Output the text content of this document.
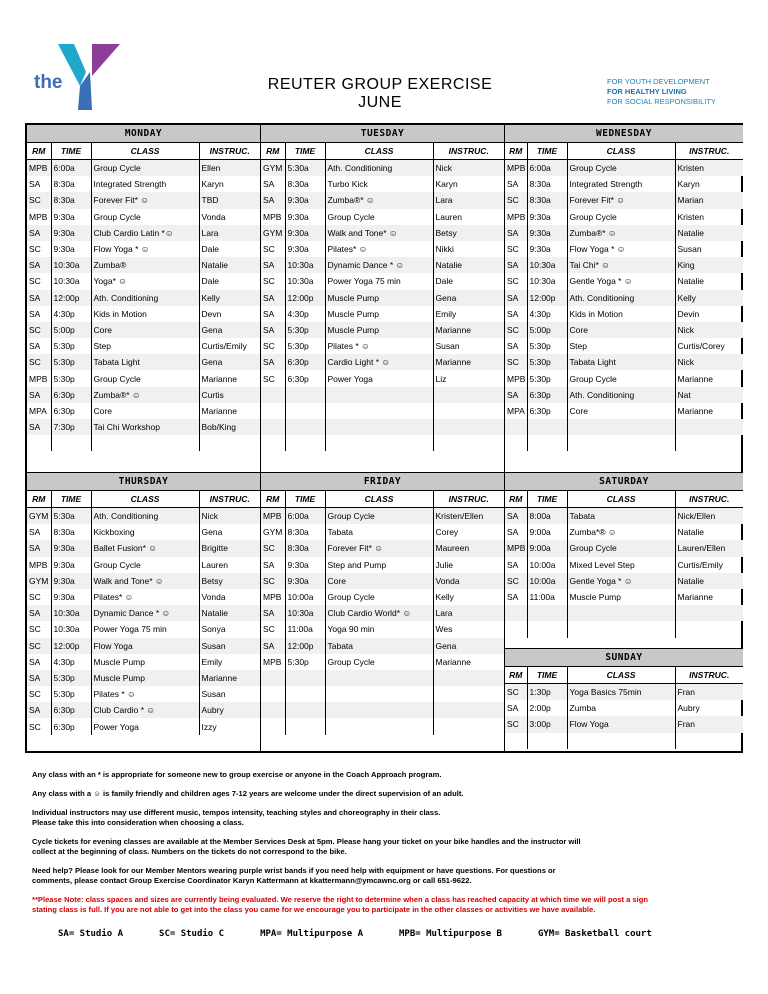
the	REUTER GROUP EXERCISE
JUNE
FOR YOUTH DEVELOPMENT
FOR HEALTHY LIVING
FOR SOCIAL RESPONSIBILITY
MONDAY
RM	TIME	CLASS	INSTRUC.
MPB	6:00a	Group Cycle	Ellen
SA	8:30a	Integrated Strength	Karyn
SC	8:30a	Forever Fit* ☺	TBD
MPB	9:30a	Group Cycle	Vonda
SA	9:30a	Club Cardio Latin *☺	Lara
SC	9:30a	Flow Yoga * ☺	Dale
SA	10:30a	Zumba®	Natalie
SC	10:30a	Yoga* ☺	Dale
SA	12:00p	Ath. Conditioning	Kelly
SA	4:30p	Kids in Motion	Devn
SC	5:00p	Core	Gena
SA	5:30p	Step	Curtis/Emily
SC	5:30p	Tabata Light	Gena
MPB	5:30p	Group Cycle	Marianne
SA	6:30p	Zumba®* ☺	Curtis
MPA	6:30p	Core	Marianne
SA	7:30p	Tai Chi Workshop	Bob/King

TUESDAY
RM	TIME	CLASS	INSTRUC.
GYM	5:30a	Ath. Conditioning	Nick
SA	8:30a	Turbo Kick	Karyn
SA	9:30a	Zumba®* ☺	Lara
MPB	9:30a	Group Cycle	Lauren
GYM	9:30a	Walk and Tone* ☺	Betsy
SC	9:30a	Pilates* ☺	Nikki
SA	10:30a	Dynamic Dance * ☺	Natalie
SC	10:30a	Power Yoga 75 min	Dale
SA	12:00p	Muscle Pump	Gena
SA	4:30p	Muscle Pump	Emily
SA	5:30p	Muscle Pump	Marianne
SC	5:30p	Pilates * ☺	Susan
SA	6:30p	Cardio Light * ☺	Marianne
SC	6:30p	Power Yoga	Liz

WEDNESDAY
RM	TIME	CLASS	INSTRUC.
MPB	6:00a	Group Cycle	Kristen
SA	8:30a	Integrated Strength	Karyn
SC	8:30a	Forever Fit* ☺	Marian
MPB	9:30a	Group Cycle	Kristen
SA	9:30a	Zumba®* ☺	Natalie
SC	9:30a	Flow Yoga * ☺	Susan
SA	10:30a	Tai Chi* ☺	King
SC	10:30a	Gentle Yoga * ☺	Natalie
SA	12:00p	Ath. Conditioning	Kelly
SA	4:30p	Kids in Motion	Devin
SC	5:00p	Core	Nick
SA	5:30p	Step	Curtis/Corey
SC	5:30p	Tabata Light	Nick
MPB	5:30p	Group Cycle	Marianne
SA	6:30p	Ath. Conditioning	Nat
MPA	6:30p	Core	Marianne

THURSDAY
RM	TIME	CLASS	INSTRUC.
GYM	5:30a	Ath. Conditioning	Nick
SA	8:30a	Kickboxing	Gena
SA	9:30a	Ballet Fusion* ☺	Brigitte
MPB	9:30a	Group Cycle	Lauren
GYM	9:30a	Walk and Tone* ☺	Betsy
SC	9:30a	Pilates* ☺	Vonda
SA	10:30a	Dynamic Dance * ☺	Natalie
SC	10:30a	Power Yoga 75 min	Sonya
SC	12:00p	Flow Yoga	Susan
SA	4:30p	Muscle Pump	Emily
SA	5:30p	Muscle Pump	Marianne
SC	5:30p	Pilates * ☺	Susan
SA	6:30p	Club Cardio * ☺	Aubry
SC	6:30p	Power Yoga	Izzy
FRIDAY
RM	TIME	CLASS	INSTRUC.
MPB	6:00a	Group Cycle	Kristen/Ellen
GYM	8:30a	Tabata	Corey
SC	8:30a	Forever Fit* ☺	Maureen
SA	9:30a	Step and Pump	Julie
SC	9:30a	Core	Vonda
MPB	10:00a	Group Cycle	Kelly
SA	10:30a	Club Cardio World* ☺	Lara
SC	11:00a	Yoga 90 min	Wes
SA	12:00p	Tabata	Gena
MPB	5:30p	Group Cycle	Marianne

SATURDAY
RM	TIME	CLASS	INSTRUC.
SA	8:00a	Tabata	Nick/Ellen
SA	9:00a	Zumba*® ☺	Natalie
MPB	9:00a	Group Cycle	Lauren/Ellen
SA	10:00a	Mixed Level Step	Curtis/Emily
SC	10:00a	Gentle Yoga * ☺	Natalie
SA	11:00a	Muscle Pump	Marianne

SUNDAY
RM	TIME	CLASS	INSTRUC.
SC	1:30p	Yoga Basics 75min	Fran
SA	2:00p	Zumba	Aubry
SC	3:00p	Flow Yoga	Fran

Any class with an * is appropriate for someone new to group exercise or anyone in the Coach Approach program.

Any class with a ☺ is family friendly and children ages 7-12 years are welcome under the direct supervision of an adult.

Individual instructors may use different music, tempos intensity, teaching styles and choreography in their class.
Please take this into consideration when choosing a class.

Cycle tickets for evening classes are available at the Member Services Desk at 5pm. Please hang your ticket on your bike handles and the instructor will
collect at the beginning of class. Numbers on the tickets do not correspond to the bike.

Need help? Please look for our Member Mentors wearing purple wrist bands if you need help with equipment or have questions. For questions or
comments, please contact Group Exercise Coordinator Karyn Kattermann at kkattermann@ymcawnc.org or call 651-9622.

**Please Note: class spaces and sizes are currently being evaluated. We reserve the right to determine when a class has reached capacity at which time we will post a sign
stating class is full. If you are not able to get into the class you came for we encourage you to participate in the other classes or activities we have available.

SA= Studio A	SC= Studio C	MPA= Multipurpose A	MPB= Multipurpose B	GYM= Basketball court
